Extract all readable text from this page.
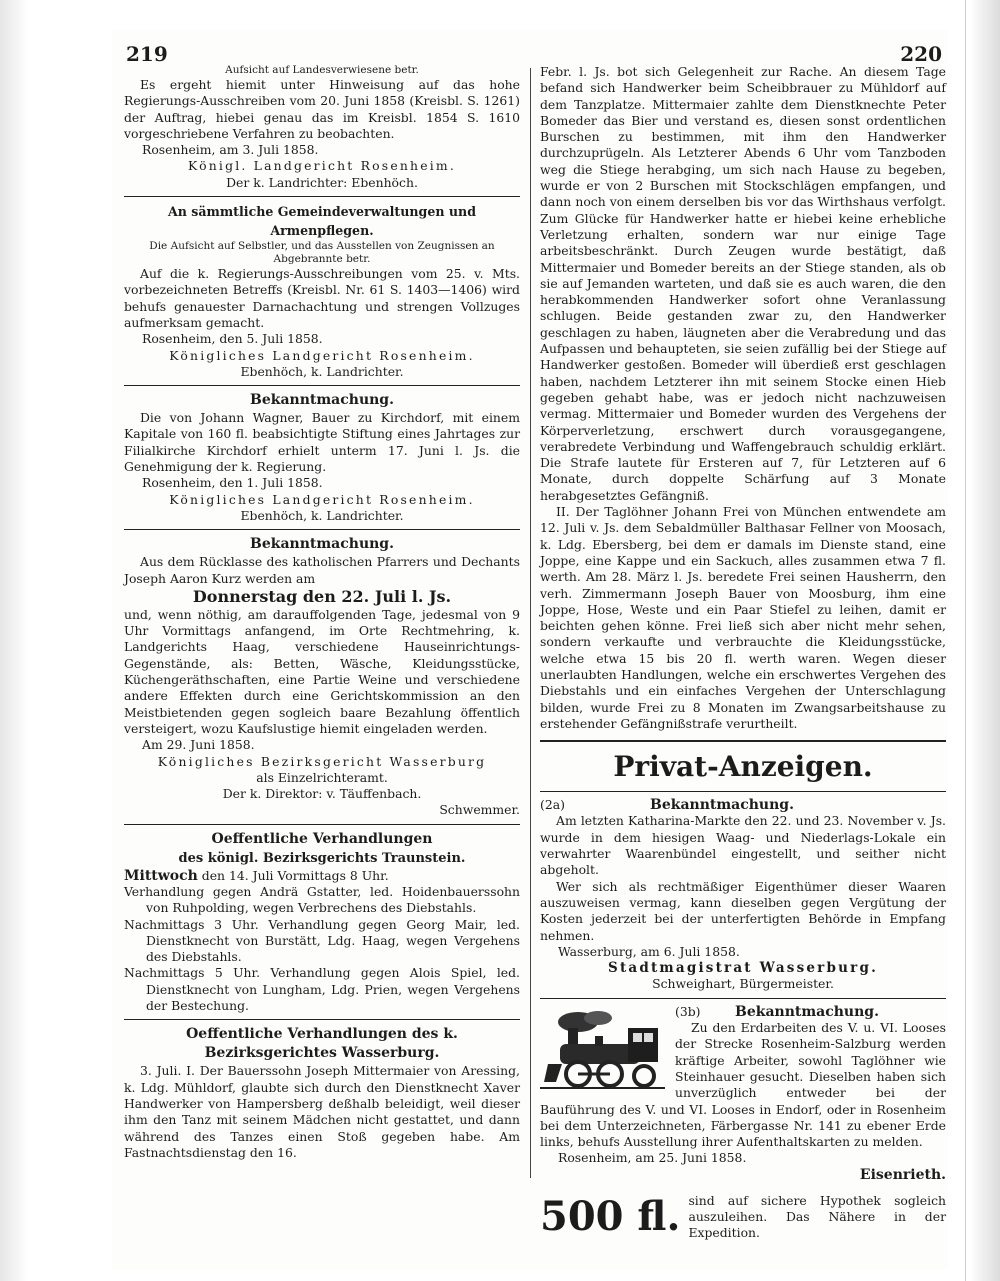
219	220

Aufsicht auf Landesverwiesene betr.

Es ergeht hiemit unter Hinweisung auf das hohe Regierungs-Ausschreiben vom 20. Juni 1858 (Kreisbl. S. 1261) der Auftrag, hiebei genau das im Kreisbl. 1854 S. 1610 vorgeschriebene Verfahren zu beobachten.

Rosenheim, am 3. Juli 1858.

Königl. Landgericht Rosenheim.

Der k. Landrichter: Ebenhöch.

An sämmtliche Gemeindeverwaltungen und Armenpflegen.

Die Aufsicht auf Selbstler, und das Ausstellen von Zeugnissen an Abgebrannte betr.

Auf die k. Regierungs-Ausschreibungen vom 25. v. Mts. vorbezeichneten Betreffs (Kreisbl. Nr. 61 S. 1403—1406) wird behufs genauester Darnachachtung und strengen Vollzuges aufmerksam gemacht.

Rosenheim, den 5. Juli 1858.

Königliches Landgericht Rosenheim.

Ebenhöch, k. Landrichter.

Bekanntmachung.

Die von Johann Wagner, Bauer zu Kirchdorf, mit einem Kapitale von 160 fl. beabsichtigte Stiftung eines Jahrtages zur Filialkirche Kirchdorf erhielt unterm 17. Juni l. Js. die Genehmigung der k. Regierung.

Rosenheim, den 1. Juli 1858.

Königliches Landgericht Rosenheim.

Ebenhöch, k. Landrichter.

Bekanntmachung.

Aus dem Rücklasse des katholischen Pfarrers und Dechants Joseph Aaron Kurz werden am

Donnerstag den 22. Juli l. Js.

und, wenn nöthig, am darauffolgenden Tage, jedesmal von 9 Uhr Vormittags anfangend, im Orte Rechtmehring, k. Landgerichts Haag, verschiedene Hauseinrichtungs-Gegenstände, als: Betten, Wäsche, Kleidungsstücke, Küchengeräthschaften, eine Partie Weine und verschiedene andere Effekten durch eine Gerichtskommission an den Meistbietenden gegen sogleich baare Bezahlung öffentlich versteigert, wozu Kaufslustige hiemit eingeladen werden.

Am 29. Juni 1858.

Königliches Bezirksgericht Wasserburg

als Einzelrichteramt.

Der k. Direktor: v. Täuffenbach.

Schwemmer.

Oeffentliche Verhandlungen

des königl. Bezirksgerichts Traunstein.

Mittwoch den 14. Juli Vormittags 8 Uhr.

Verhandlung gegen Andrä Gstatter, led. Hoidenbauerssohn von Ruhpolding, wegen Verbrechens des Diebstahls.

Nachmittags 3 Uhr. Verhandlung gegen Georg Mair, led. Dienstknecht von Burstätt, Ldg. Haag, wegen Vergehens des Diebstahls.

Nachmittags 5 Uhr. Verhandlung gegen Alois Spiel, led. Dienstknecht von Lungham, Ldg. Prien, wegen Vergehens der Bestechung.

Oeffentliche Verhandlungen des k. Bezirksgerichtes Wasserburg.

3. Juli. I. Der Bauerssohn Joseph Mittermaier von Aressing, k. Ldg. Mühldorf, glaubte sich durch den Dienstknecht Xaver Handwerker von Hampersberg deßhalb beleidigt, weil dieser ihm den Tanz mit seinem Mädchen nicht gestattet, und dann während des Tanzes einen Stoß gegeben habe. Am Fastnachtsdienstag den 16.

Febr. l. Js. bot sich Gelegenheit zur Rache. An diesem Tage befand sich Handwerker beim Scheibbrauer zu Mühldorf auf dem Tanzplatze. Mittermaier zahlte dem Dienstknechte Peter Bomeder das Bier und verstand es, diesen sonst ordentlichen Burschen zu bestimmen, mit ihm den Handwerker durchzuprügeln. Als Letzterer Abends 6 Uhr vom Tanzboden weg die Stiege herabging, um sich nach Hause zu begeben, wurde er von 2 Burschen mit Stockschlägen empfangen, und dann noch von einem derselben bis vor das Wirthshaus verfolgt. Zum Glücke für Handwerker hatte er hiebei keine erhebliche Verletzung erhalten, sondern war nur einige Tage arbeitsbeschränkt. Durch Zeugen wurde bestätigt, daß Mittermaier und Bomeder bereits an der Stiege standen, als ob sie auf Jemanden warteten, und daß sie es auch waren, die den herabkommenden Handwerker sofort ohne Veranlassung schlugen. Beide gestanden zwar zu, den Handwerker geschlagen zu haben, läugneten aber die Verabredung und das Aufpassen und behaupteten, sie seien zufällig bei der Stiege auf Handwerker gestoßen. Bomeder will überdieß erst geschlagen haben, nachdem Letzterer ihn mit seinem Stocke einen Hieb gegeben gehabt habe, was er jedoch nicht nachzuweisen vermag. Mittermaier und Bomeder wurden des Vergehens der Körperverletzung, erschwert durch vorausgegangene, verabredete Verbindung und Waffengebrauch schuldig erklärt. Die Strafe lautete für Ersteren auf 7, für Letzteren auf 6 Monate, durch doppelte Schärfung auf 3 Monate herabgesetztes Gefängniß.

II. Der Taglöhner Johann Frei von München entwendete am 12. Juli v. Js. dem Sebaldmüller Balthasar Fellner von Moosach, k. Ldg. Ebersberg, bei dem er damals im Dienste stand, eine Joppe, eine Kappe und ein Sackuch, alles zusammen etwa 7 fl. werth. Am 28. März l. Js. beredete Frei seinen Hausherrn, den verh. Zimmermann Joseph Bauer von Moosburg, ihm eine Joppe, Hose, Weste und ein Paar Stiefel zu leihen, damit er beichten gehen könne. Frei ließ sich aber nicht mehr sehen, sondern verkaufte und verbrauchte die Kleidungsstücke, welche etwa 15 bis 20 fl. werth waren. Wegen dieser unerlaubten Handlungen, welche ein erschwertes Vergehen des Diebstahls und ein einfaches Vergehen der Unterschlagung bilden, wurde Frei zu 8 Monaten im Zwangsarbeitshause zu erstehender Gefängnißstrafe verurtheilt.

Privat-Anzeigen.

(2a)	Bekanntmachung.

Am letzten Katharina-Markte den 22. und 23. November v. Js. wurde in dem hiesigen Waag- und Niederlags-Lokale ein verwahrter Waarenbündel eingestellt, und seither nicht abgeholt.

Wer sich als rechtmäßiger Eigenthümer dieser Waaren auszuweisen vermag, kann dieselben gegen Vergütung der Kosten jederzeit bei der unterfertigten Behörde in Empfang nehmen.

Wasserburg, am 6. Juli 1858.

Stadtmagistrat Wasserburg.

Schweighart, Bürgermeister.

(3b)	Bekanntmachung.

Zu den Erdarbeiten des V. u. VI. Looses der Strecke Rosenheim-Salzburg werden kräftige Arbeiter, sowohl Taglöhner wie Steinhauer gesucht. Dieselben haben sich unverzüglich entweder bei der Bauführung des V. und VI. Looses in Endorf, oder in Rosenheim bei dem Unterzeichneten, Färbergasse Nr. 141 zu ebener Erde links, behufs Ausstellung ihrer Aufenthaltskarten zu melden.

Rosenheim, am 25. Juni 1858.

Eisenrieth.

500 fl. sind auf sichere Hypothek sogleich auszuleihen. Das Nähere in der Expedition.
